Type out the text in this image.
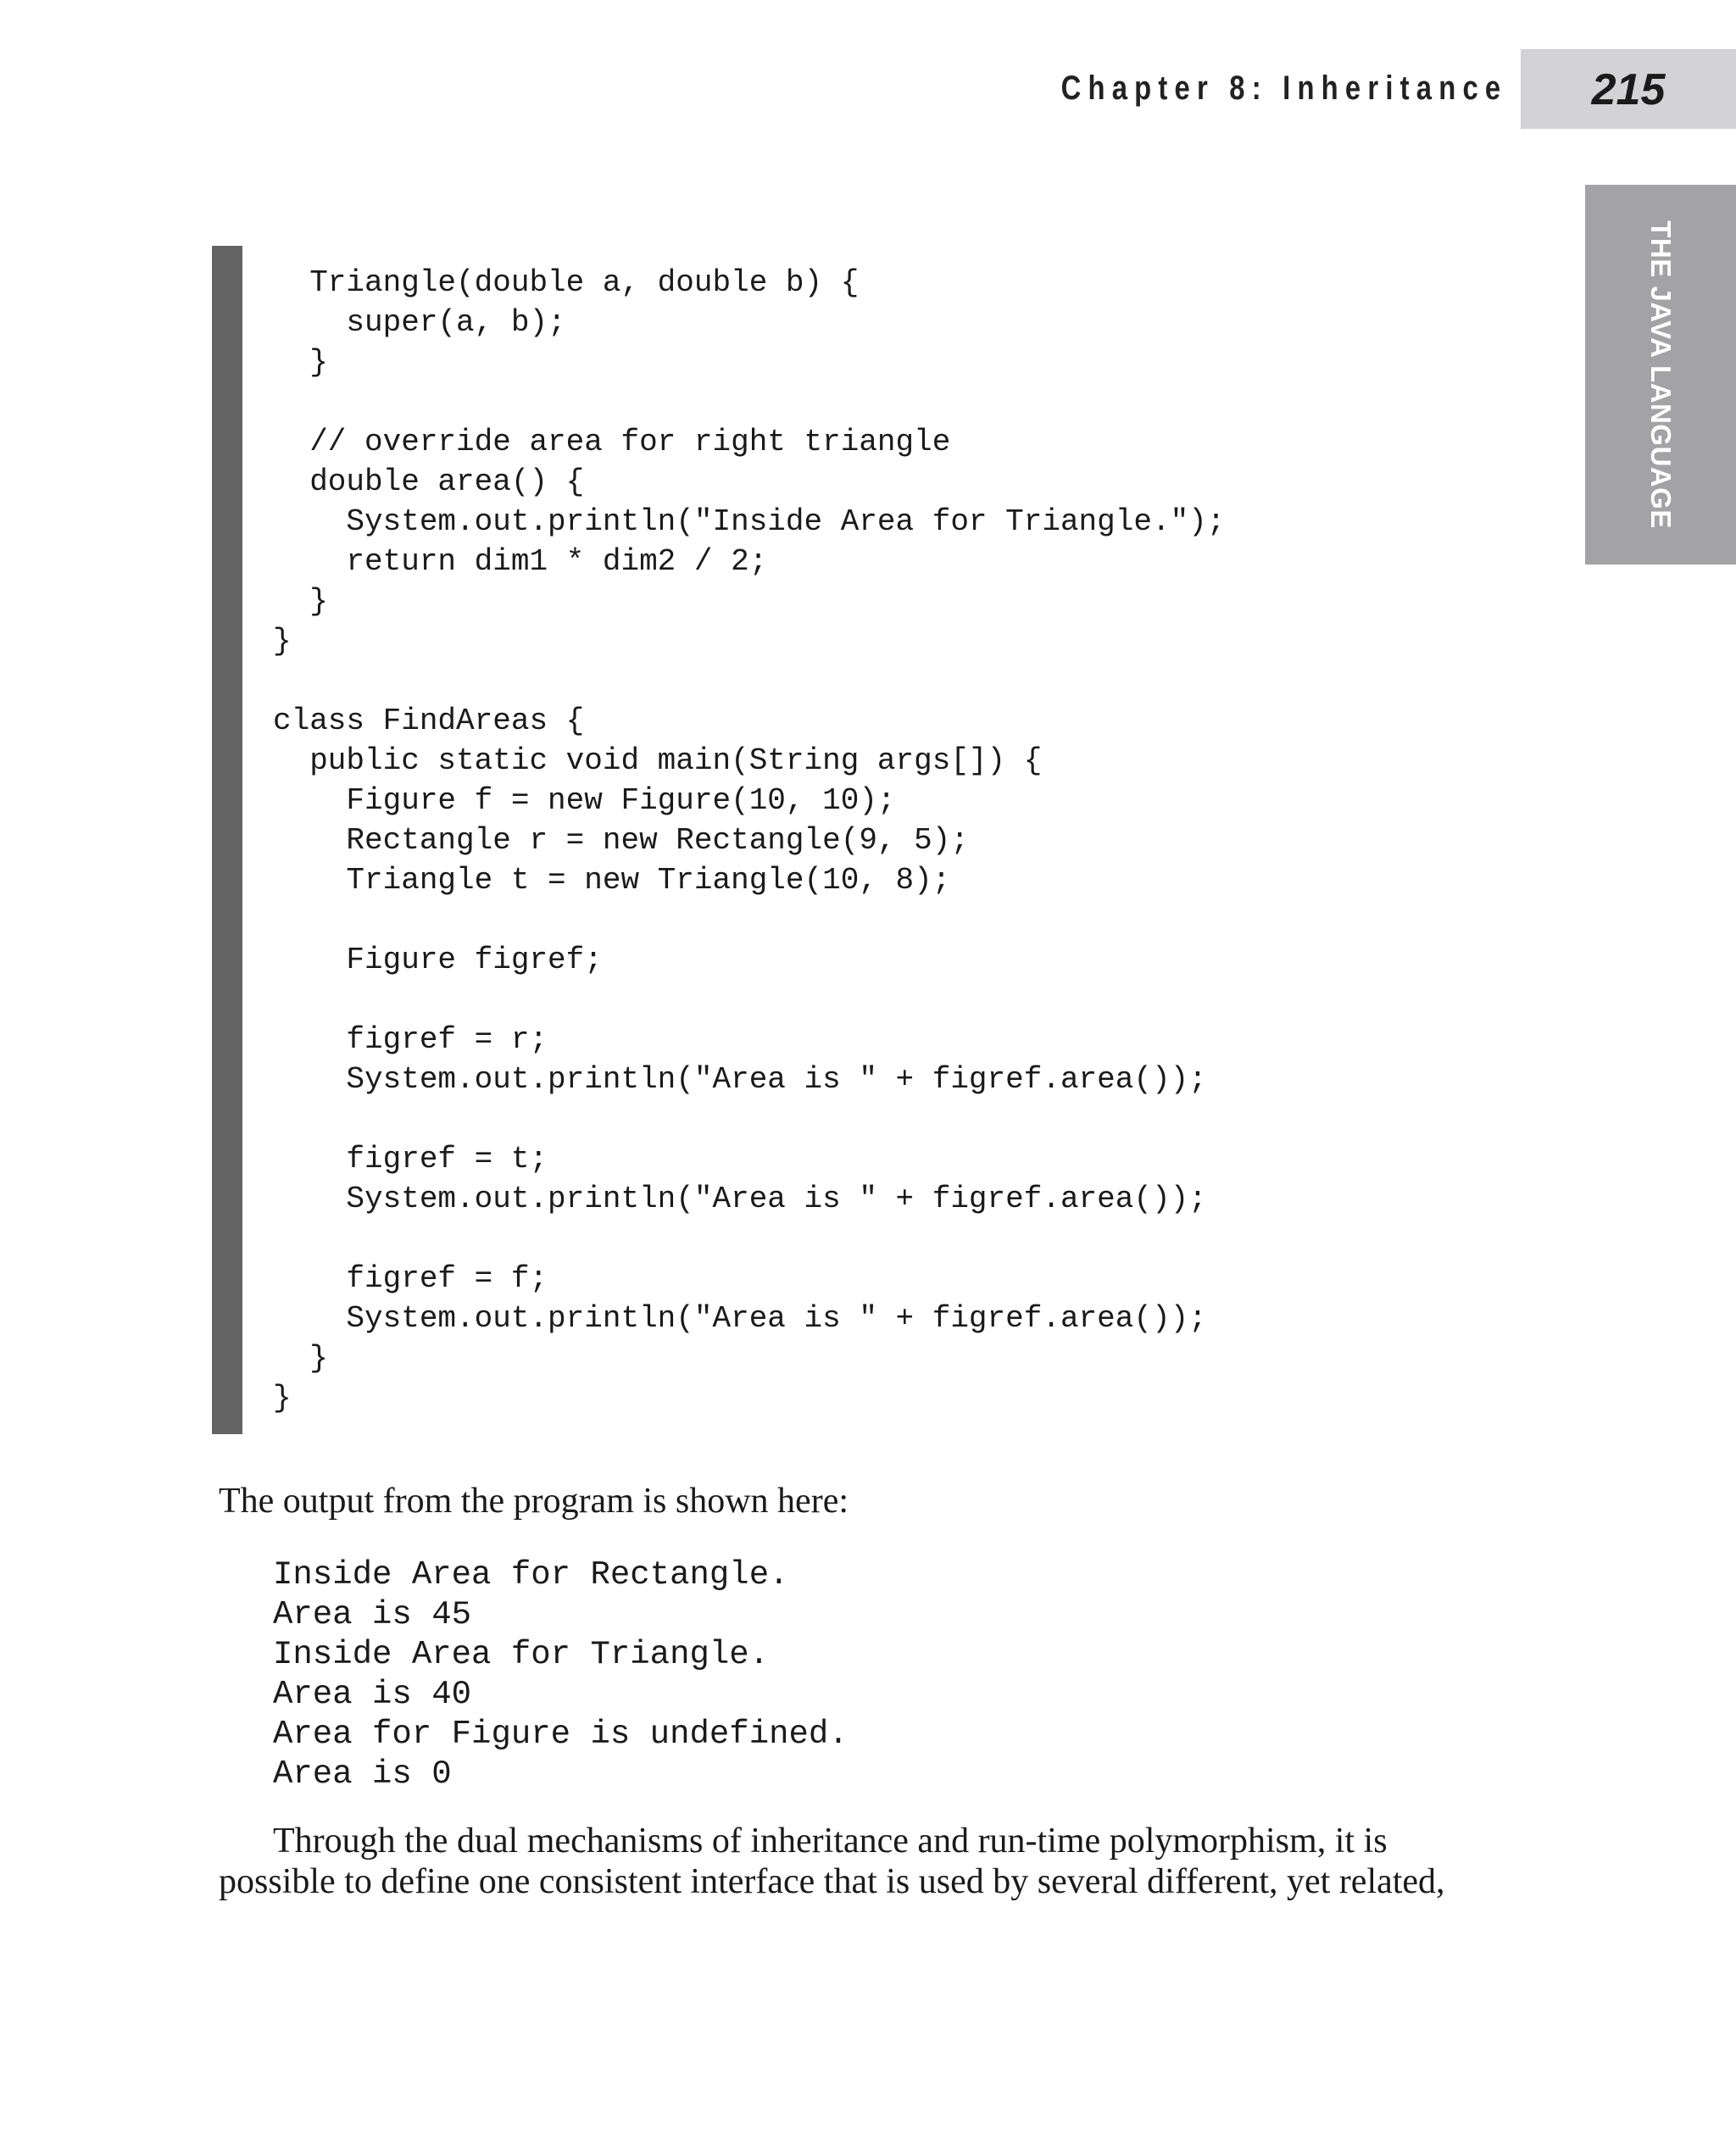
Chapter 8: Inheritance	215
THE JAVA LANGUAGE
Triangle(double a, double b) {
super(a, b);
}

// override area for right triangle
double area() {
System.out.println("Inside Area for Triangle.");
return dim1 * dim2 / 2;
}
}

class FindAreas {
public static void main(String args[]) {
Figure f = new Figure(10, 10);
Rectangle r = new Rectangle(9, 5);
Triangle t = new Triangle(10, 8);

Figure figref;

figref = r;
System.out.println("Area is " + figref.area());

figref = t;
System.out.println("Area is " + figref.area());

figref = f;
System.out.println("Area is " + figref.area());
}
}

The output from the program is shown here:

Inside Area for Rectangle.
Area is 45
Inside Area for Triangle.
Area is 40
Area for Figure is undefined.
Area is 0

Through the dual mechanisms of inheritance and run-time polymorphism, it is
possible to define one consistent interface that is used by several different, yet related,
